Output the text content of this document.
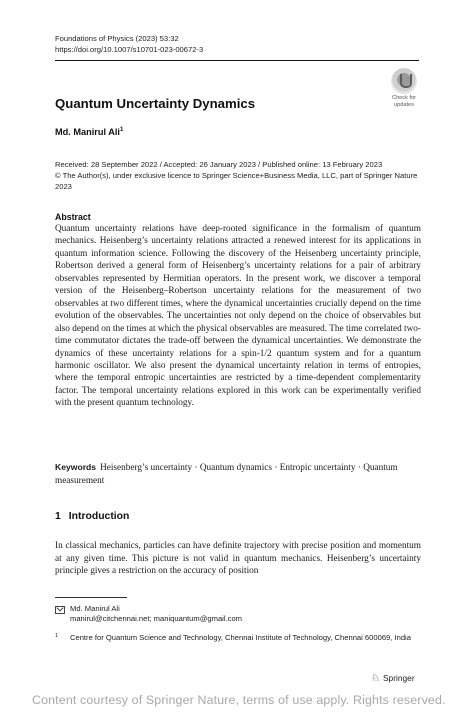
Foundations of Physics (2023) 53:32
https://doi.org/10.1007/s10701-023-00672-3
Check for
updates
Quantum Uncertainty Dynamics
Md. Manirul Ali$^1$
Received: 28 September 2022 / Accepted: 26 January 2023 / Published online: 13 February 2023
© The Author(s), under exclusive licence to Springer Science+Business Media, LLC, part of Springer Nature 2023
Abstract
Quantum uncertainty relations have deep-rooted significance in the formalism of quantum mechanics. Heisenberg’s uncertainty relations attracted a renewed interest for its applications in quantum information science. Following the discovery of the Heisenberg uncertainty principle, Robertson derived a general form of Heisenberg’s uncertainty relations for a pair of arbitrary observables represented by Hermitian operators. In the present work, we discover a temporal version of the Heisenberg–Robertson uncertainty relations for the measurement of two observables at two different times, where the dynamical uncertainties crucially depend on the time evolution of the observables. The uncertainties not only depend on the choice of observables but also depend on the times at which the physical observables are measured. The time correlated two-time commutator dictates the trade-off between the dynamical uncertainties. We demonstrate the dynamics of these uncertainty relations for a spin-1/2 quantum system and for a quantum harmonic oscillator. We also present the dynamical uncertainty relation in terms of entropies, where the temporal entropic uncertainties are restricted by a time-dependent complementarity factor. The temporal uncertainty relations explored in this work can be experimentally verified with the present quantum technology.
Keywords Heisenberg’s uncertainty · Quantum dynamics · Entropic uncertainty · Quantum measurement
1 Introduction
In classical mechanics, particles can have definite trajectory with precise position and momentum at any given time. This picture is not valid in quantum mechanics. Heisenberg’s uncertainty principle gives a restriction on the accuracy of position
Md. Manirul Ali
manirul@citchennai.net; maniquantum@gmail.com
1 Centre for Quantum Science and Technology, Chennai Institute of Technology, Chennai 600069, India
♘ Springer
Content courtesy of Springer Nature, terms of use apply. Rights reserved.
